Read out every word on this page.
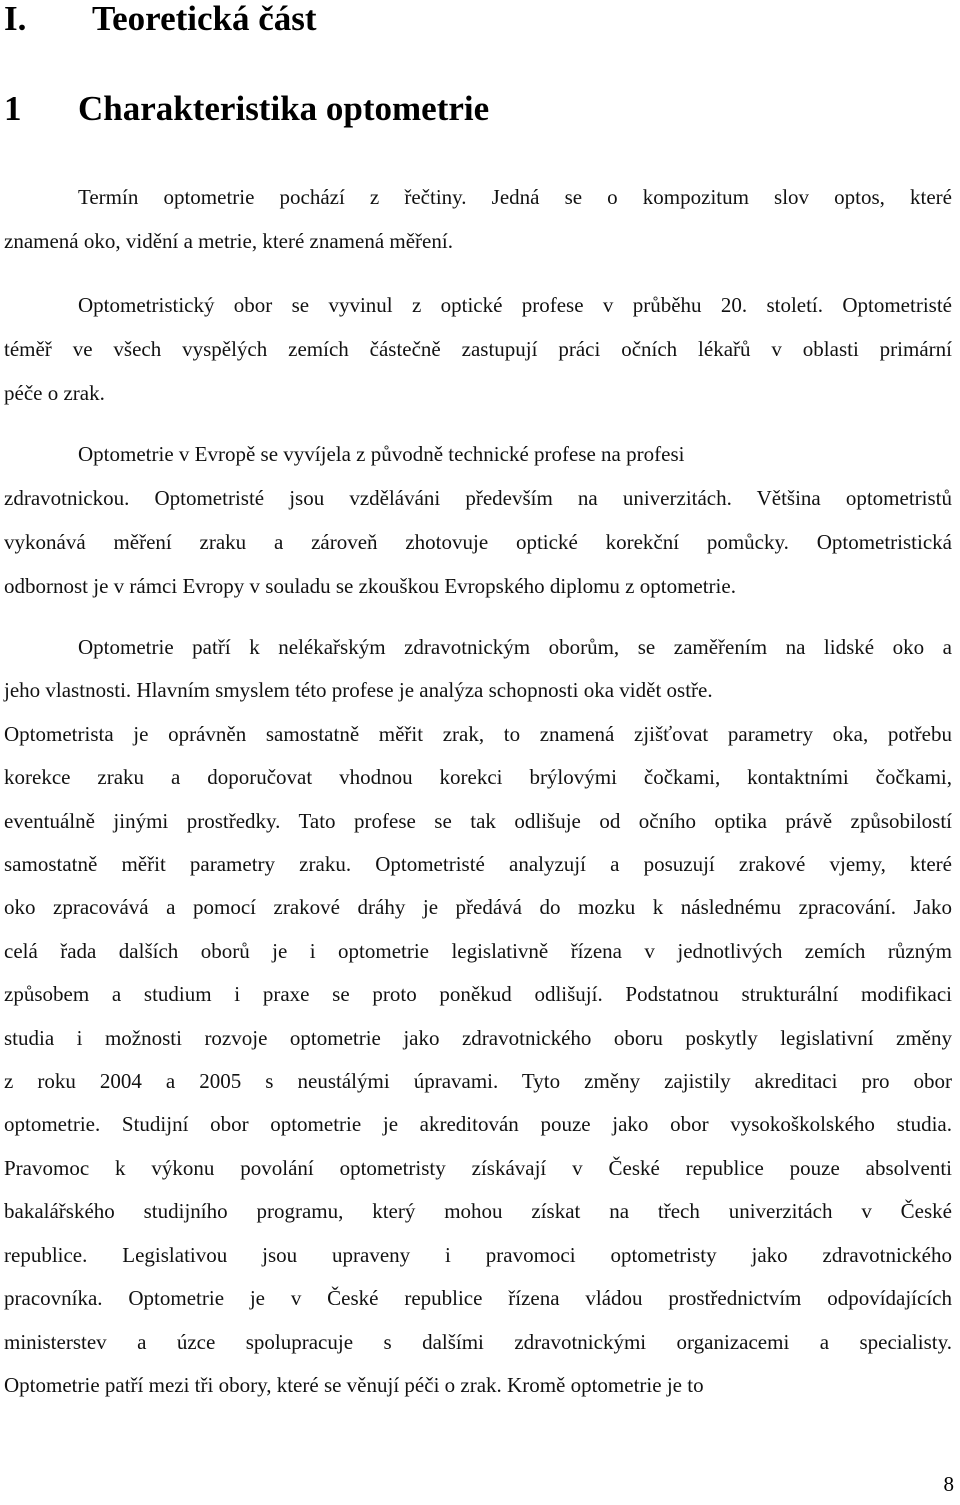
I. Teoretická část
1 Charakteristika optometrie
Termín optometrie pochází z řečtiny. Jedná se o kompozitum slov optos, které
znamená oko, vidění a metrie, které znamená měření.
Optometristický obor se vyvinul z optické profese v průběhu 20. století. Optometristé
téměř ve všech vyspělých zemích částečně zastupují práci očních lékařů v oblasti primární
péče o zrak.
Optometrie v Evropě se vyvíjela z původně technické profese na profesi
zdravotnickou. Optometristé jsou vzděláváni především na univerzitách. Většina optometristů
vykonává měření zraku a zároveň zhotovuje optické korekční pomůcky. Optometristická
odbornost je v rámci Evropy v souladu se zkouškou Evropského diplomu z optometrie.
Optometrie patří k nelékařským zdravotnickým oborům, se zaměřením na lidské oko a
jeho vlastnosti. Hlavním smyslem této profese je analýza schopnosti oka vidět ostře.
Optometrista je oprávněn samostatně měřit zrak, to znamená zjišťovat parametry oka, potřebu
korekce zraku a doporučovat vhodnou korekci brýlovými čočkami, kontaktními čočkami,
eventuálně jinými prostředky. Tato profese se tak odlišuje od očního optika právě způsobilostí
samostatně měřit parametry zraku. Optometristé analyzují a posuzují zrakové vjemy, které
oko zpracovává a pomocí zrakové dráhy je předává do mozku k následnému zpracování. Jako
celá řada dalších oborů je i optometrie legislativně řízena v jednotlivých zemích různým
způsobem a studium i praxe se proto poněkud odlišují. Podstatnou strukturální modifikaci
studia i možnosti rozvoje optometrie jako zdravotnického oboru poskytly legislativní změny
z roku 2004 a 2005 s neustálými úpravami. Tyto změny zajistily akreditaci pro obor
optometrie. Studijní obor optometrie je akreditován pouze jako obor vysokoškolského studia.
Pravomoc k výkonu povolání optometristy získávají v České republice pouze absolventi
bakalářského studijního programu, který mohou získat na třech univerzitách v České
republice. Legislativou jsou upraveny i pravomoci optometristy jako zdravotnického
pracovníka. Optometrie je v České republice řízena vládou prostřednictvím odpovídajících
ministerstev a úzce spolupracuje s dalšími zdravotnickými organizacemi a specialisty.
Optometrie patří mezi tři obory, které se věnují péči o zrak. Kromě optometrie je to
8
